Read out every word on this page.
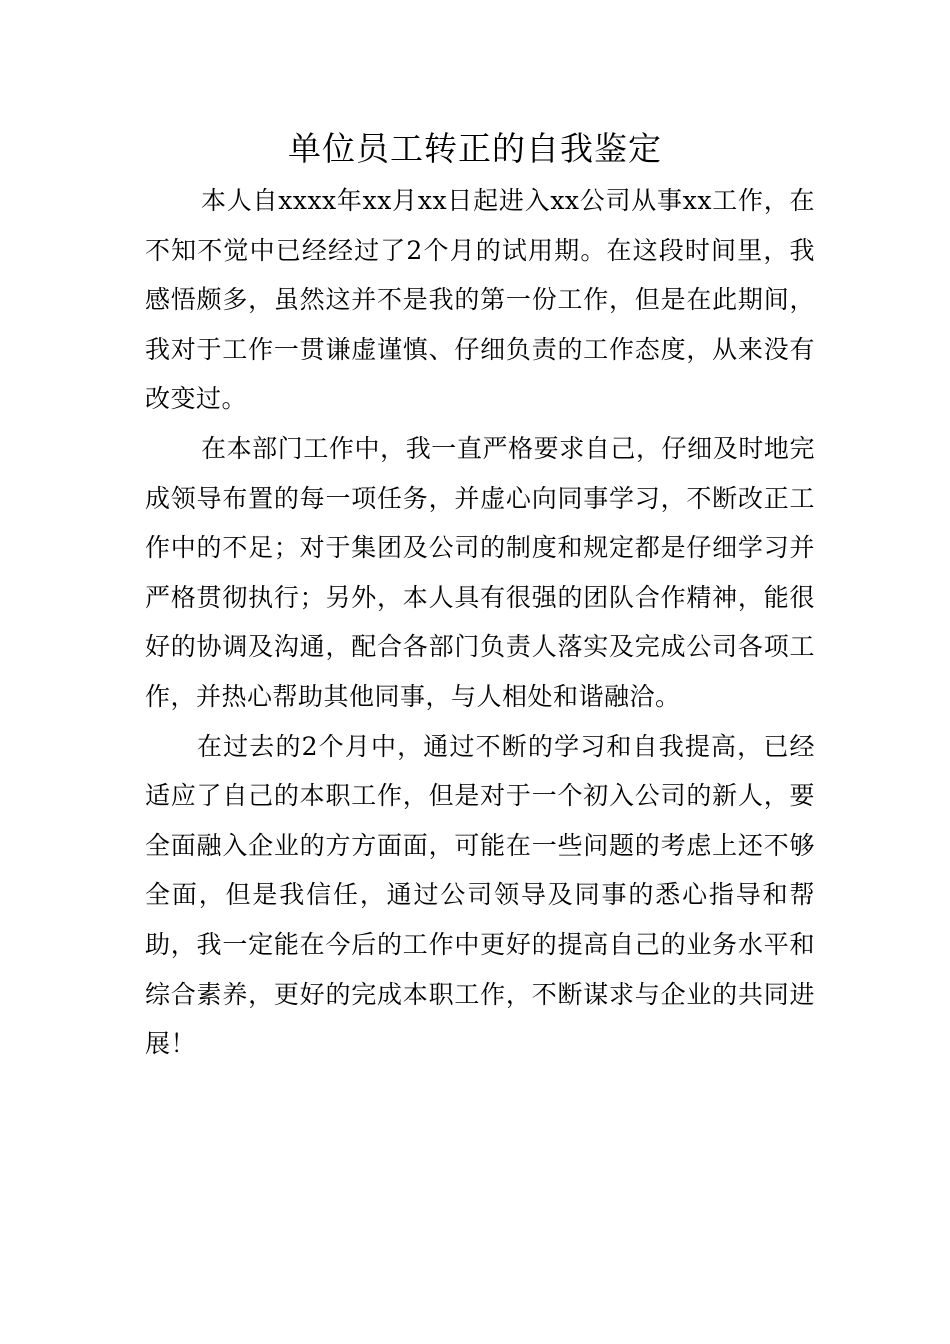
单位员工转正的自我鉴定

本人自xxxx年xx月xx日起进入xx公司从事xx工作，在不知不觉中已经经过了2个月的试用期。在这段时间里，我感悟颇多，虽然这并不是我的第一份工作，但是在此期间，我对于工作一贯谦虚谨慎、仔细负责的工作态度，从来没有改变过。

在本部门工作中，我一直严格要求自己，仔细及时地完成领导布置的每一项任务，并虚心向同事学习，不断改正工作中的不足；对于集团及公司的制度和规定都是仔细学习并严格贯彻执行；另外，本人具有很强的团队合作精神，能很好的协调及沟通，配合各部门负责人落实及完成公司各项工作，并热心帮助其他同事，与人相处和谐融洽。

在过去的2个月中，通过不断的学习和自我提高，已经适应了自己的本职工作，但是对于一个初入公司的新人，要全面融入企业的方方面面，可能在一些问题的考虑上还不够全面，但是我信任，通过公司领导及同事的悉心指导和帮助，我一定能在今后的工作中更好的提高自己的业务水平和综合素养，更好的完成本职工作，不断谋求与企业的共同进展！
